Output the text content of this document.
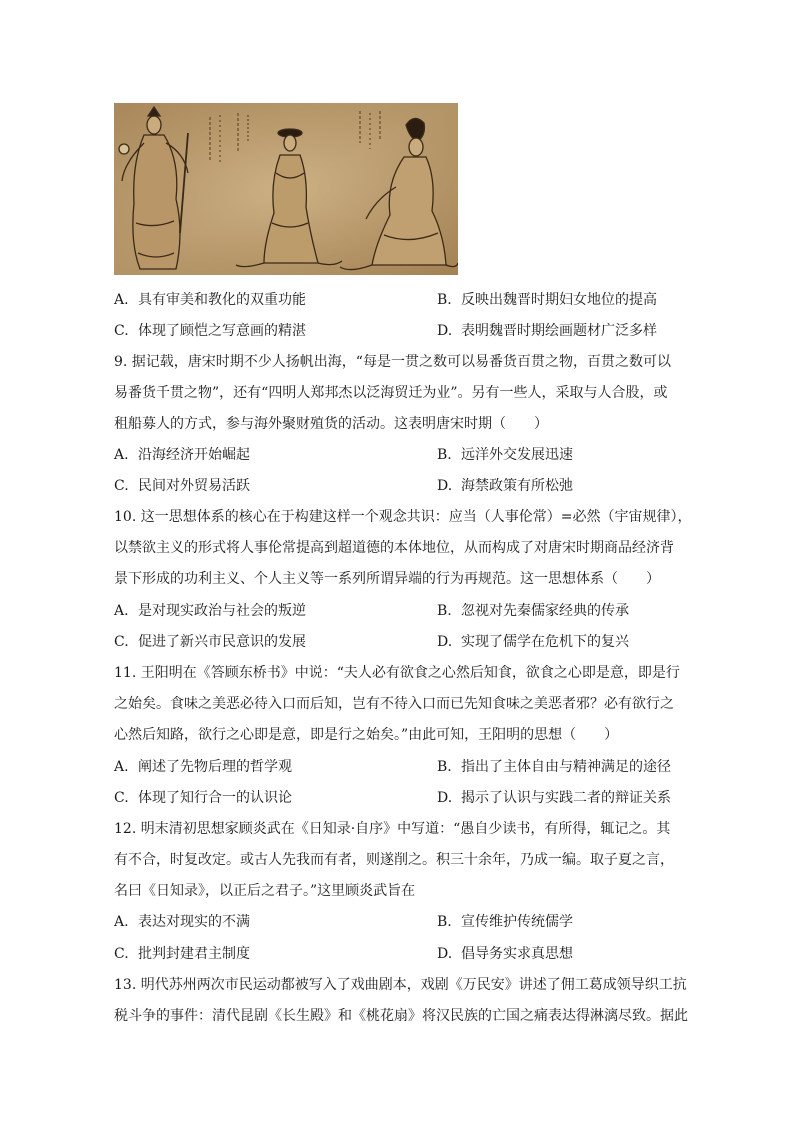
A. 具有审美和教化的双重功能	B. 反映出魏晋时期妇女地位的提高
C. 体现了顾恺之写意画的精湛	D. 表明魏晋时期绘画题材广泛多样
9. 据记载，唐宋时期不少人扬帆出海，“每是一贯之数可以易番货百贯之物，百贯之数可以
易番货千贯之物”，还有“四明人郑邦杰以泛海贸迁为业”。另有一些人，采取与人合股，或
租船募人的方式，参与海外聚财殖货的活动。这表明唐宋时期（　　）
A. 沿海经济开始崛起	B. 远洋外交发展迅速
C. 民间对外贸易活跃	D. 海禁政策有所松弛
10. 这一思想体系的核心在于构建这样一个观念共识：应当（人事伦常）=必然（宇宙规律），
以禁欲主义的形式将人事伦常提高到超道德的本体地位，从而构成了对唐宋时期商品经济背
景下形成的功利主义、个人主义等一系列所谓异端的行为再规范。这一思想体系（　　）
A. 是对现实政治与社会的叛逆	B. 忽视对先秦儒家经典的传承
C. 促进了新兴市民意识的发展	D. 实现了儒学在危机下的复兴
11. 王阳明在《答顾东桥书》中说：“夫人必有欲食之心然后知食，欲食之心即是意，即是行
之始矣。食味之美恶必待入口而后知，岂有不待入口而已先知食味之美恶者邪？必有欲行之
心然后知路，欲行之心即是意，即是行之始矣。”由此可知，王阳明的思想（　　）
A. 阐述了先物后理的哲学观	B. 指出了主体自由与精神满足的途径
C. 体现了知行合一的认识论	D. 揭示了认识与实践二者的辩证关系
12. 明末清初思想家顾炎武在《日知录·自序》中写道：“愚自少读书，有所得，辄记之。其
有不合，时复改定。或古人先我而有者，则遂削之。积三十余年，乃成一编。取子夏之言，
名曰《日知录》，以正后之君子。”这里顾炎武旨在
A. 表达对现实的不满	B. 宣传维护传统儒学
C. 批判封建君主制度	D. 倡导务实求真思想
13. 明代苏州两次市民运动都被写入了戏曲剧本，戏剧《万民安》讲述了佣工葛成领导织工抗
税斗争的事件：清代昆剧《长生殿》和《桃花扇》将汉民族的亡国之痛表达得淋漓尽致。据此
